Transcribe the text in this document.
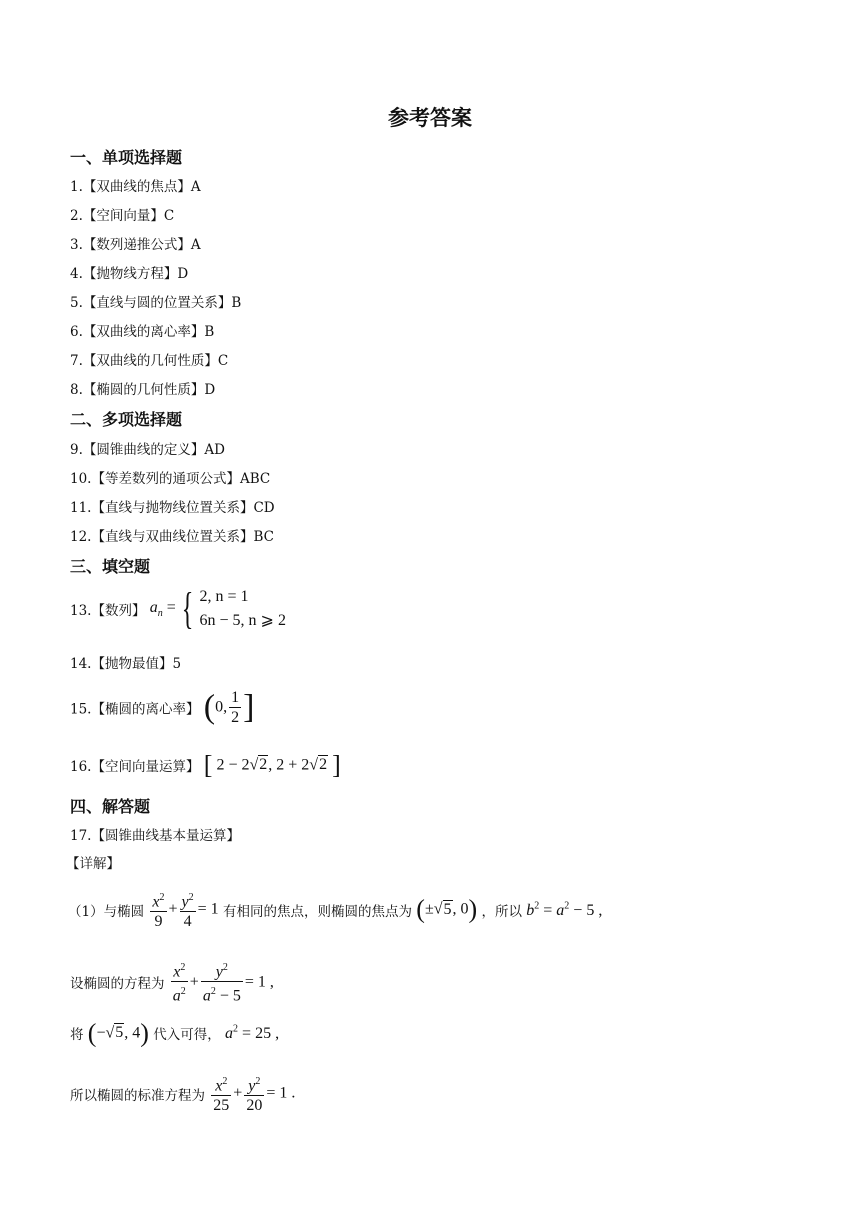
参考答案
一、单项选择题
1.【双曲线的焦点】A
2.【空间向量】C
3.【数列递推公式】A
4.【抛物线方程】D
5.【直线与圆的位置关系】B
6.【双曲线的离心率】B
7.【双曲线的几何性质】C
8.【椭圆的几何性质】D
二、多项选择题
9.【圆锥曲线的定义】AD
10.【等差数列的通项公式】ABC
11.【直线与抛物线位置关系】CD
12.【直线与双曲线位置关系】BC
三、填空题
13.【数列】 $a_n$ = { 2, n = 1
6n − 5, n ⩾ 2
14.【抛物最值】5
15.【椭圆的离心率】 (0, $\frac{1}{2}$ ]
16.【空间向量运算】 [ 2 − 2√2, 2 + 2√2 ]
四、解答题
17.【圆锥曲线基本量运算】
【详解】
（1）与椭圆 $\frac{x^2}{9} + \frac{y^2}{4} = 1$ 有相同的焦点，则椭圆的焦点为 (±√5, 0) ，所以 $b^2 = a^2 - 5$ ,
设椭圆的方程为 $\frac{x^2}{a^2} + \frac{y^2}{a^2 - 5} = 1$ ,
将 (−√5, 4) 代入可得， $a^2 = 25$ ,
所以椭圆的标准方程为 $\frac{x^2}{25} + \frac{y^2}{20} = 1$ .
